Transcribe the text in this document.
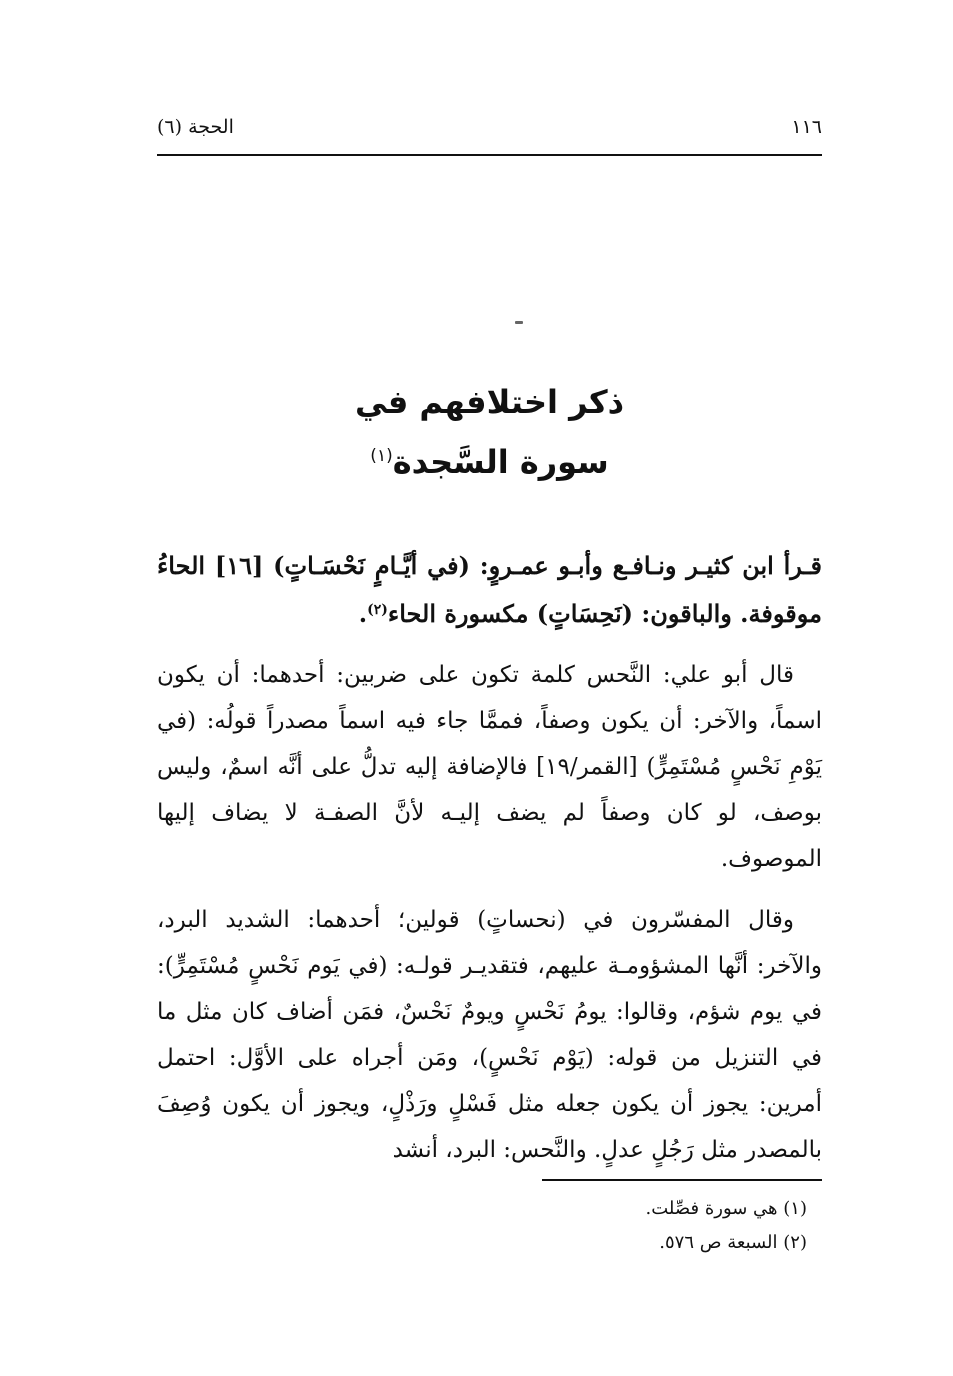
١١٦
الحجة (٦)
ذكر اختلافهم في
سورة السَّجدة$^{(١)}$
قـرأ ابن كثيـر ونـافـع وأبـو عمـروٍ: (في أيَّـامٍ نَحْسَـاتٍ) [١٦] الحاءُ موقوفة. والباقون: (نَحِسَاتٍ) مكسورة الحاء$^{(٢)}$.

قال أبو علي: النَّحس كلمة تكون على ضربين: أحدهما: أن يكون اسماً، والآخر: أن يكون وصفاً، فممَّا جاء فيه اسماً مصدراً قولُه: (في يَوْمِ نَحْسٍ مُسْتَمِرٍّ) [القمر/١٩] فالإضافة إليه تدلُّ على أنَّه اسمٌ، وليس بوصف، لو كان وصفاً لم يضف إليـه لأنَّ الصفـة لا يضاف إليها الموصوف.

وقال المفسّرون في (نحساتٍ) قولين؛ أحدهما: الشديد البرد، والآخر: أنَّها المشؤومـة عليهم، فتقديـر قولـه: (في يَوم نَحْسٍ مُسْتَمِرٍّ): في يوم شؤم، وقالوا: يومُ نَحْسٍ ويومٌ نَحْسٌ، فمَن أضاف كان مثل ما في التنزيل من قوله: (يَوْم نَحْسٍ)، ومَن أجراه على الأوَّل: احتمل أمرين: يجوز أن يكون جعله مثل فَسْلٍ ورَذْلٍ، ويجوز أن يكون وُصِفَ بالمصدر مثل رَجُلٍ عدلٍ. والنَّحس: البرد، أنشد

(١) هي سورة فصِّلت.
(٢) السبعة ص ٥٧٦.
